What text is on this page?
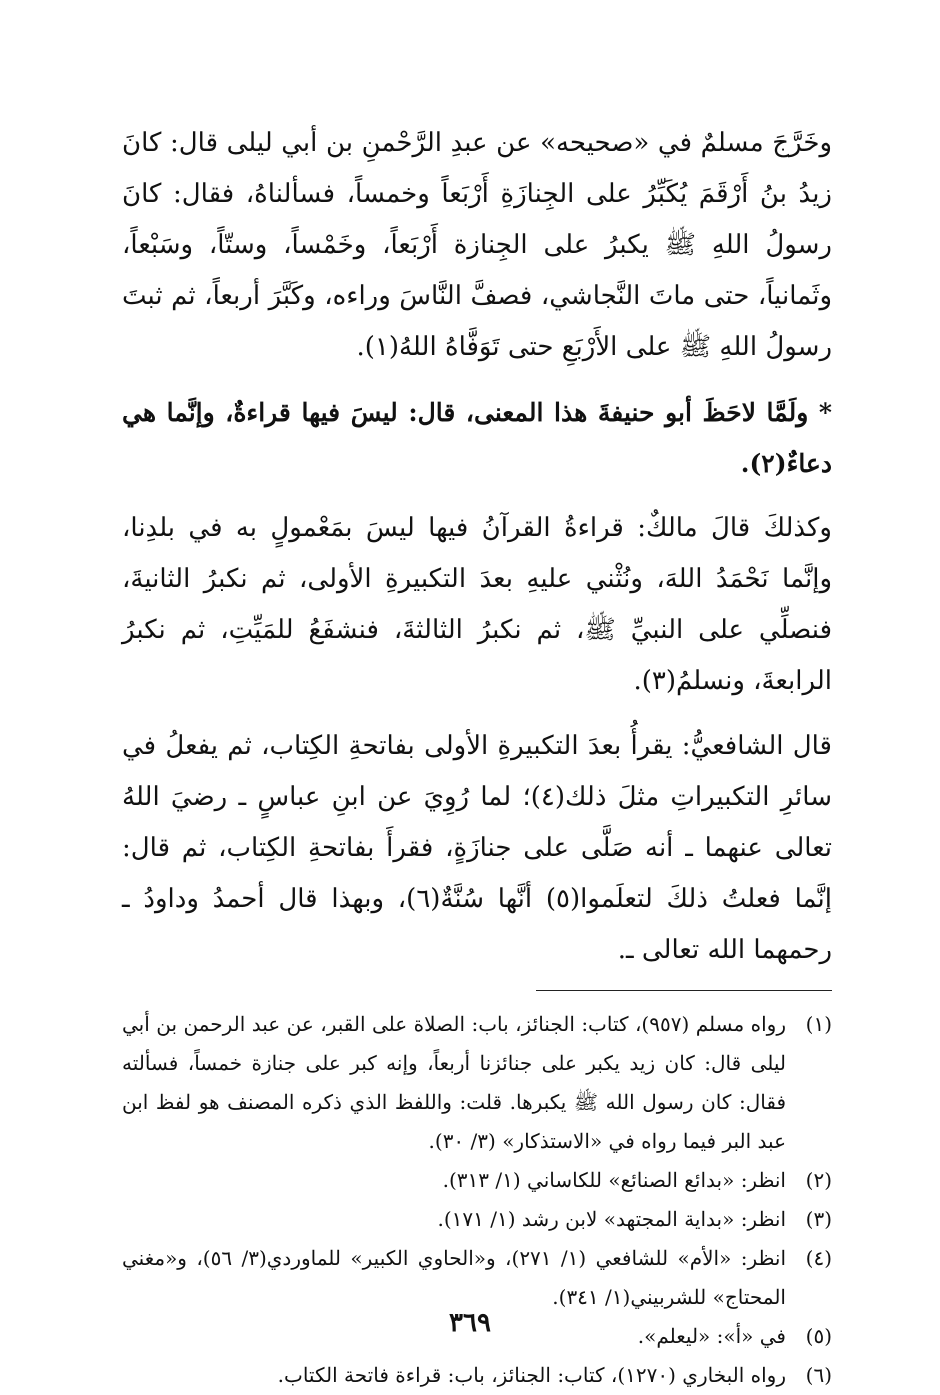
وخَرَّجَ مسلمٌ في «صحيحه» عن عبدِ الرَّحْمنِ بن أبي ليلى قال: كانَ زيدُ بنُ أَرْقَمَ يُكَبِّرُ على الجِنازَةِ أَرْبَعاً وخمساً، فسألناهُ، فقال: كانَ رسولُ اللهِ ﷺ يكبرُ على الجِنازة أَرْبَعاً، وخَمْساً، وستّاً، وسَبْعاً، وثَمانياً، حتى ماتَ النَّجاشي، فصفَّ النَّاسَ وراءه، وكَبَّرَ أربعاً، ثم ثبتَ رسولُ اللهِ ﷺ على الأَرْبَعِ حتى تَوَفَّاهُ اللهُ(١).

* ولَمَّا لاحَظَ أبو حنيفةَ هذا المعنى، قال: ليسَ فيها قراءةٌ، وإنَّما هي دعاءٌ(٢).

وكذلكَ قالَ مالكٌ: قراءةُ القرآنُ فيها ليسَ بمَعْمولٍ به في بلدِنا، وإنَّما نَحْمَدُ اللهَ، ونُثْني عليهِ بعدَ التكبيرةِ الأولى، ثم نكبرُ الثانيةَ، فنصلِّي على النبيِّ ﷺ، ثم نكبرُ الثالثةَ، فنشفَعُ للمَيِّتِ، ثم نكبرُ الرابعةَ، ونسلمُ(٣).

قال الشافعيُّ: يقرأُ بعدَ التكبيرةِ الأولى بفاتحةِ الكِتاب، ثم يفعلُ في سائرِ التكبيراتِ مثلَ ذلك(٤)؛ لما رُوِيَ عن ابنِ عباسٍ ـ رضيَ اللهُ تعالى عنهما ـ أنه صَلَّى على جنازَةٍ، فقرأَ بفاتحةِ الكِتاب، ثم قال: إنَّما فعلتُ ذلكَ لتعلَموا(٥) أنَّها سُنَّةٌ(٦)، وبهذا قال أحمدُ وداودُ ـ رحمهما الله تعالى ـ.

(١)
رواه مسلم (٩٥٧)، كتاب: الجنائز، باب: الصلاة على القبر، عن عبد الرحمن بن أبي ليلى قال: كان زيد يكبر على جنائزنا أربعاً، وإنه كبر على جنازة خمساً، فسألته فقال: كان رسول الله ﷺ يكبرها. قلت: واللفظ الذي ذكره المصنف هو لفظ ابن عبد البر فيما رواه في «الاستذكار» (٣/ ٣٠).
(٢)
انظر: «بدائع الصنائع» للكاساني (١/ ٣١٣).
(٣)
انظر: «بداية المجتهد» لابن رشد (١/ ١٧١).
(٤)
انظر: «الأم» للشافعي (١/ ٢٧١)، و«الحاوي الكبير» للماوردي(٣/ ٥٦)، و«مغني المحتاج» للشربيني(١/ ٣٤١).
(٥)
في «أ»: «ليعلم».
(٦)
رواه البخاري (١٢٧٠)، كتاب: الجنائز، باب: قراءة فاتحة الكتاب.
٣٦٩
